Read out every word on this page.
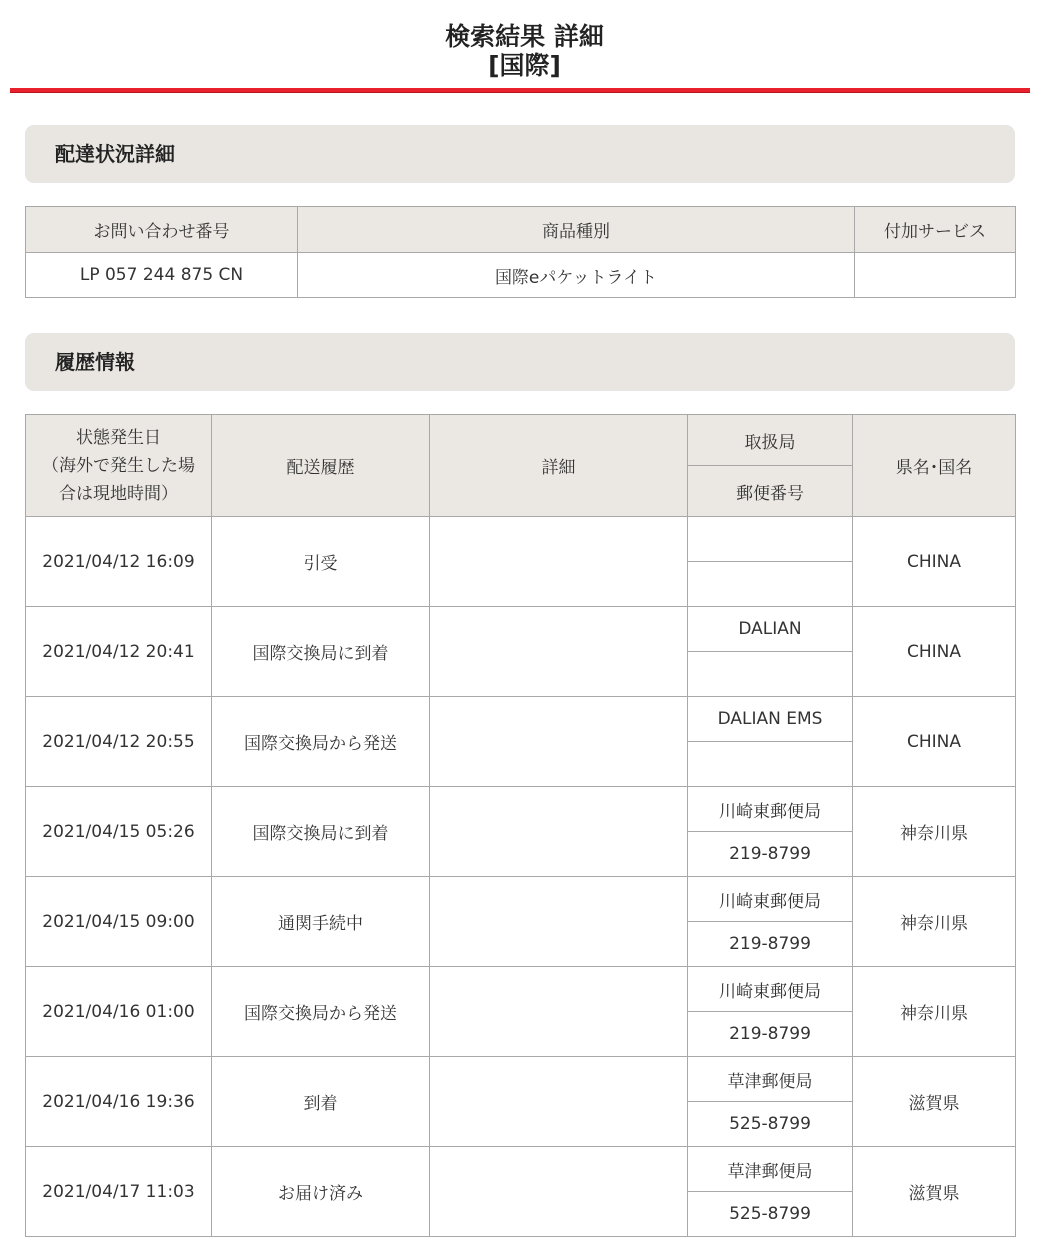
検索結果 詳細
[国際]
配達状況詳細
お問い合わせ番号	商品種別	付加サービス
LP 057 244 875 CN	国際eパケットライト	
履歴情報
状態発生日
（海外で発生した場
合は現地時間）	配送履歴	詳細	取扱局	県名･国名
			郵便番号	
2021/04/12 16:09	引受			CHINA

2021/04/12 20:41	国際交換局に到着		DALIAN	CHINA

2021/04/12 20:55	国際交換局から発送		DALIAN EMS	CHINA

2021/04/15 05:26	国際交換局に到着		川崎東郵便局	神奈川県
			219-8799	
2021/04/15 09:00	通関手続中		川崎東郵便局	神奈川県
			219-8799	
2021/04/16 01:00	国際交換局から発送		川崎東郵便局	神奈川県
			219-8799	
2021/04/16 19:36	到着		草津郵便局	滋賀県
			525-8799	
2021/04/17 11:03	お届け済み		草津郵便局	滋賀県
			525-8799	
